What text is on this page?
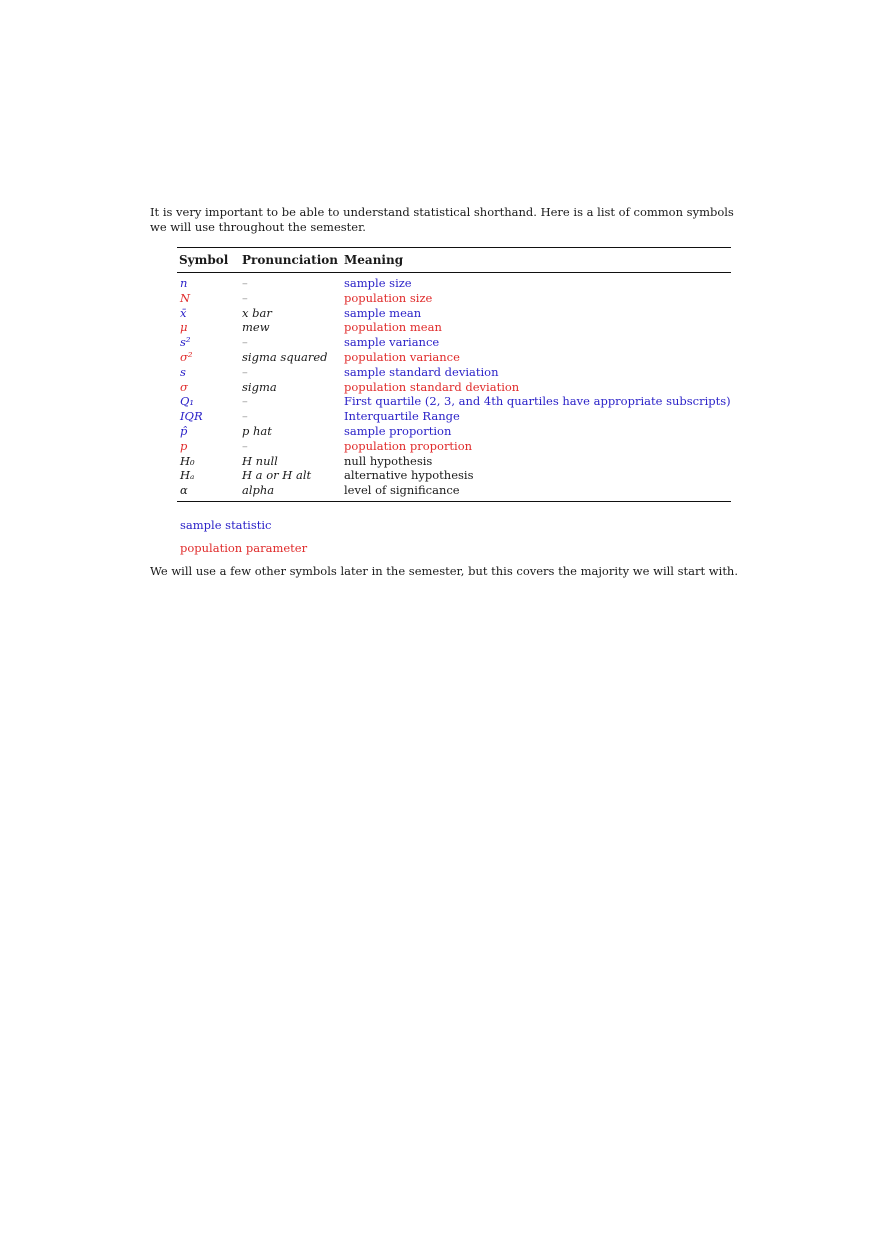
It is very important to be able to understand statistical shorthand. Here is a list of common symbols we will use throughout the semester.

Symbol	Pronunciation	Meaning
n	–	sample size
N	–	population size
x̄	x bar	sample mean
μ	mew	population mean
s²	–	sample variance
σ²	sigma squared	population variance
s	–	sample standard deviation
σ	sigma	population standard deviation
Q₁	–	First quartile (2, 3, and 4th quartiles have appropriate subscripts)
IQR	–	Interquartile Range
p̂	p hat	sample proportion
p	–	population proportion
H₀	H null	null hypothesis
Hₐ	H a or H alt	alternative hypothesis
α	alpha	level of significance

sample statistic

population parameter

We will use a few other symbols later in the semester, but this covers the majority we will start with.
